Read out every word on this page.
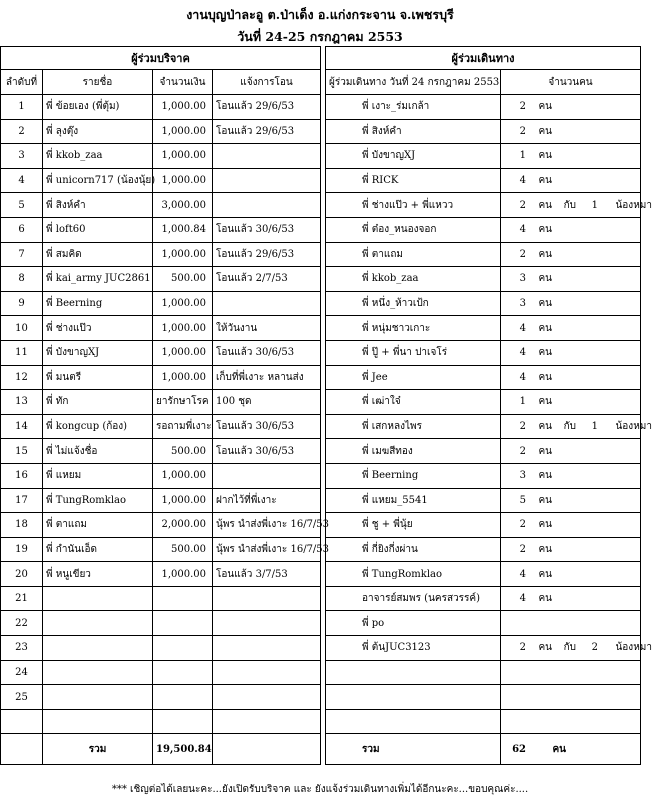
งานบุญป่าละอู ต.ป่าเด็ง อ.แก่งกระจาน จ.เพชรบุรี
วันที่ 24-25 กรกฎาคม 2553
ผู้ร่วมบริจาค			
ลำดับที่	รายชื่อ	จำนวนเงิน	แจ้งการโอน
1	พี่ ข้อยเอง (พี่ตุ้ม)	1,000.00	โอนแล้ว 29/6/53
2	พี่ ลุงตุ๊ง	1,000.00	โอนแล้ว 29/6/53
3	พี่ kkob_zaa	1,000.00	
4	พี่ unicorn717 (น้องนุ้ย)	1,000.00	
5	พี่ สิงห์คำ	3,000.00	
6	พี่ loft60	1,000.84	โอนแล้ว 30/6/53
7	พี่ สมคิด	1,000.00	โอนแล้ว 29/6/53
8	พี่ kai_army JUC2861	500.00	โอนแล้ว 2/7/53
9	พี่ Beerning	1,000.00	
10	พี่ ช่างแป๊ว	1,000.00	ให้วันงาน
11	พี่ บังขาญXJ	1,000.00	โอนแล้ว 30/6/53
12	พี่ มนตรี	1,000.00	เก็บที่พี่เงาะ หลานส่ง
13	พี่ ทัก	ยารักษาโรค	100 ชุด
14	พี่ kongcup (ก้อง)	รอถามพี่เงาะ	โอนแล้ว 30/6/53
15	พี่ ไม่แจ้งชื่อ	500.00	โอนแล้ว 30/6/53
16	พี่ แหยม	1,000.00	
17	พี่ TungRomklao	1,000.00	ฝากไว้ที่พี่เงาะ
18	พี่ ตาแถม	2,000.00	นุ้พร นำส่งพี่เงาะ 16/7/53
19	พี่ กำนันเอ็ด	500.00	นุ้พร นำส่งพี่เงาะ 16/7/53
20	พี่ หนูเขียว	1,000.00	โอนแล้ว 3/7/53
21			
22			
23			
24			
25			

	รวม	19,500.84	
ผู้ร่วมเดินทาง	
ผู้ร่วมเดินทาง วันที่ 24 กรกฎาคม 2553	จำนวนคน
พี่ เงาะ_ร่มเกล้า	2 คน
พี่ สิงห์คำ	2 คน
พี่ บังขาญXJ	1 คน
พี่ RICK	4 คน
พี่ ช่างแป๊ว + พี่แหวว	2 คน กับ 1 น้องหมา
พี่ ต๋อง_หนองจอก	4 คน
พี่ ตาแถม	2 คน
พี่ kkob_zaa	3 คน
พี่ หนึ่ง_ห้าวเป้ก	3 คน
พี่ หนุ่มชาวเกาะ	4 คน
พี่ ปู๊ + พี่นา ปาเจโร่	4 คน
พี่ Jee	4 คน
พี่ เฒ่าใจ๋	1 คน
พี่ เสกหลงไพร	2 คน กับ 1 น้องหมา
พี่ เมฆสีทอง	2 คน
พี่ Beerning	3 คน
พี่ แหยม_5541	5 คน
พี่ ชู + พี่นุ้ย	2 คน
พี่ กี่ยิงกี่งผ่าน	2 คน
พี่ TungRomklao	4 คน
อาจารย์สมพร (นครสวรรค์)	4 คน
พี่ po	
พี่ ต้นJUC3123	2 คน กับ 2 น้องหมา

รวม	62 คน
*** เชิญต่อได้เลยนะคะ...ยังเปิดรับบริจาค และ ยังแจ้งร่วมเดินทางเพิ่มได้อีกนะคะ...ขอบคุณค่ะ....
